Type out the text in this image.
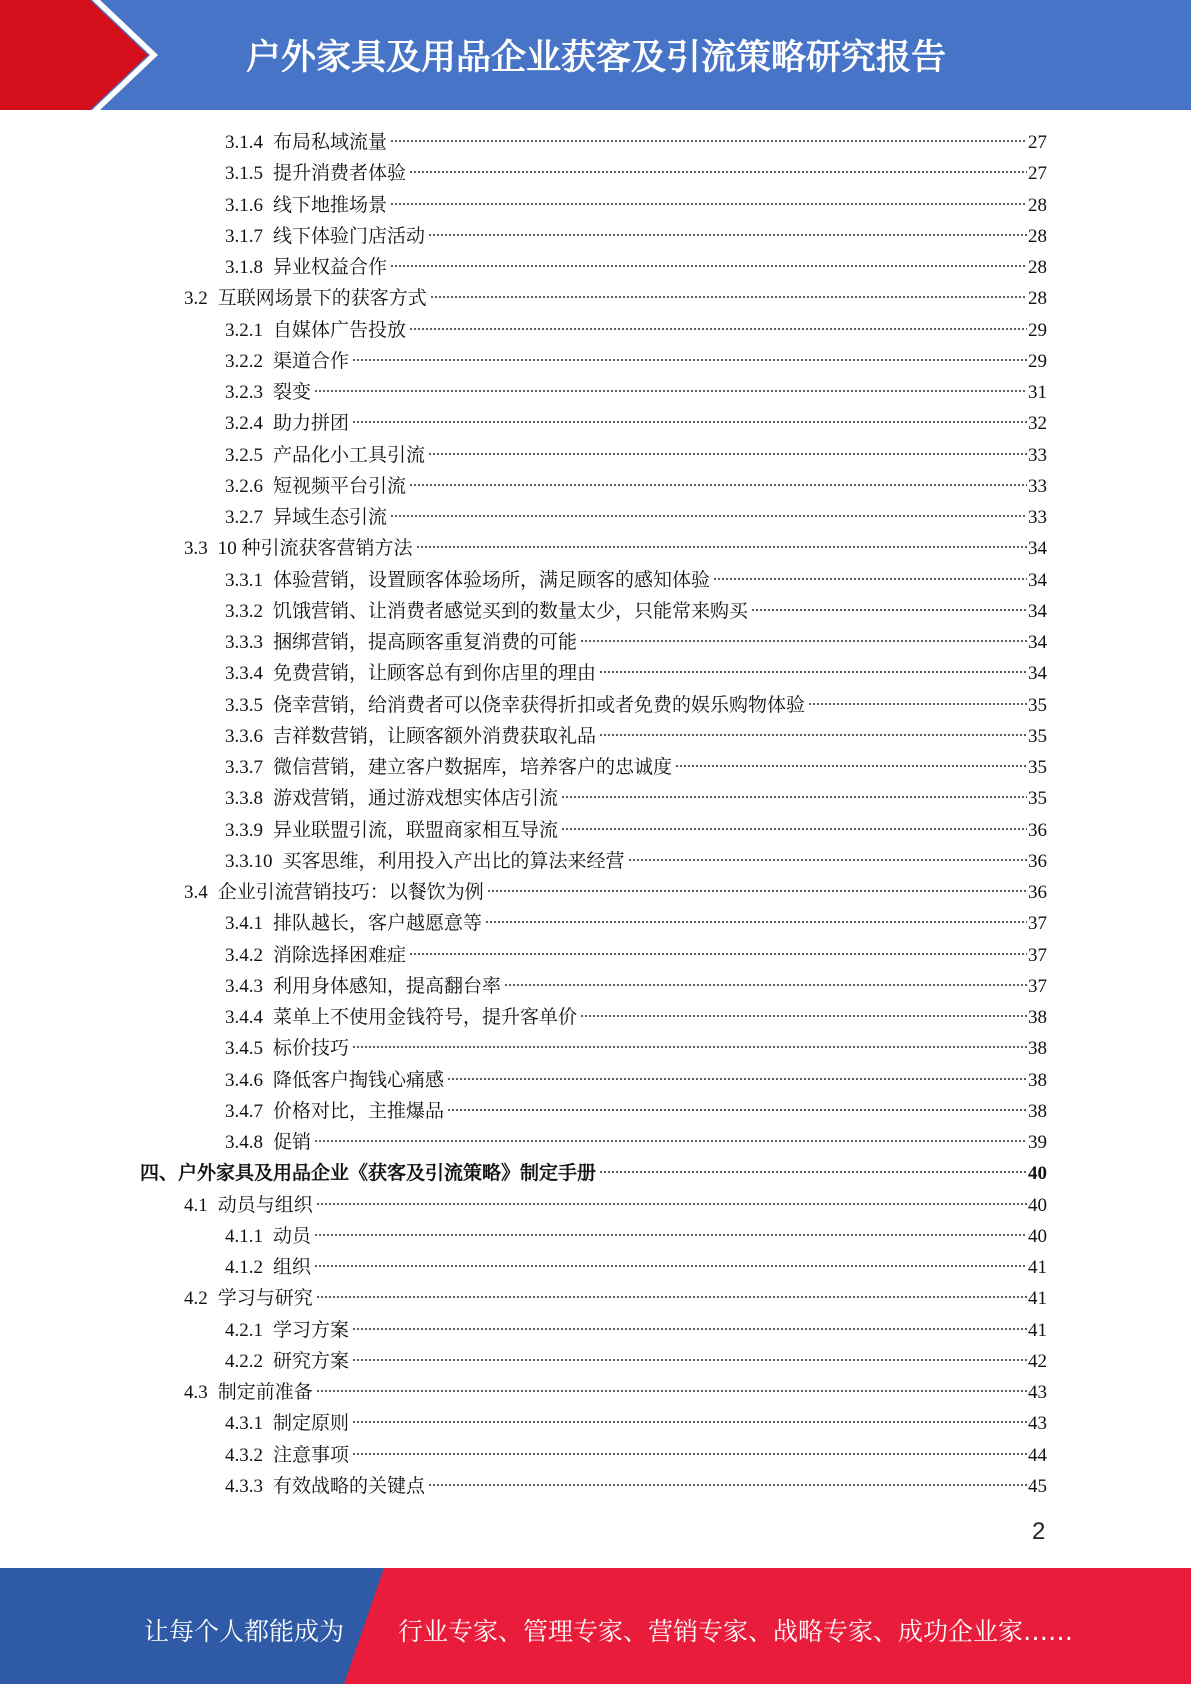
户外家具及用品企业获客及引流策略研究报告
3.1.4 布局私域流量	27
3.1.5 提升消费者体验	27
3.1.6 线下地推场景	28
3.1.7 线下体验门店活动	28
3.1.8 异业权益合作	28
3.2 互联网场景下的获客方式	28
3.2.1 自媒体广告投放	29
3.2.2 渠道合作	29
3.2.3 裂变	31
3.2.4 助力拼团	32
3.2.5 产品化小工具引流	33
3.2.6 短视频平台引流	33
3.2.7 异域生态引流	33
3.3 10 种引流获客营销方法	34
3.3.1 体验营销，设置顾客体验场所，满足顾客的感知体验	34
3.3.2 饥饿营销、让消费者感觉买到的数量太少，只能常来购买	34
3.3.3 捆绑营销，提高顾客重复消费的可能	34
3.3.4 免费营销，让顾客总有到你店里的理由	34
3.3.5 侥幸营销，给消费者可以侥幸获得折扣或者免费的娱乐购物体验	35
3.3.6 吉祥数营销，让顾客额外消费获取礼品	35
3.3.7 微信营销，建立客户数据库，培养客户的忠诚度	35
3.3.8 游戏营销，通过游戏想实体店引流	35
3.3.9 异业联盟引流，联盟商家相互导流	36
3.3.10 买客思维，利用投入产出比的算法来经营	36
3.4 企业引流营销技巧：以餐饮为例	36
3.4.1 排队越长，客户越愿意等	37
3.4.2 消除选择困难症	37
3.4.3 利用身体感知，提高翻台率	37
3.4.4 菜单上不使用金钱符号，提升客单价	38
3.4.5 标价技巧	38
3.4.6 降低客户掏钱心痛感	38
3.4.7 价格对比，主推爆品	38
3.4.8 促销	39
四、户外家具及用品企业《获客及引流策略》制定手册	40
4.1 动员与组织	40
4.1.1 动员	40
4.1.2 组织	41
4.2 学习与研究	41
4.2.1 学习方案	41
4.2.2 研究方案	42
4.3 制定前准备	43
4.3.1 制定原则	43
4.3.2 注意事项	44
4.3.3 有效战略的关键点	45
2
让每个人都能成为 行业专家、管理专家、营销专家、战略专家、成功企业家……
